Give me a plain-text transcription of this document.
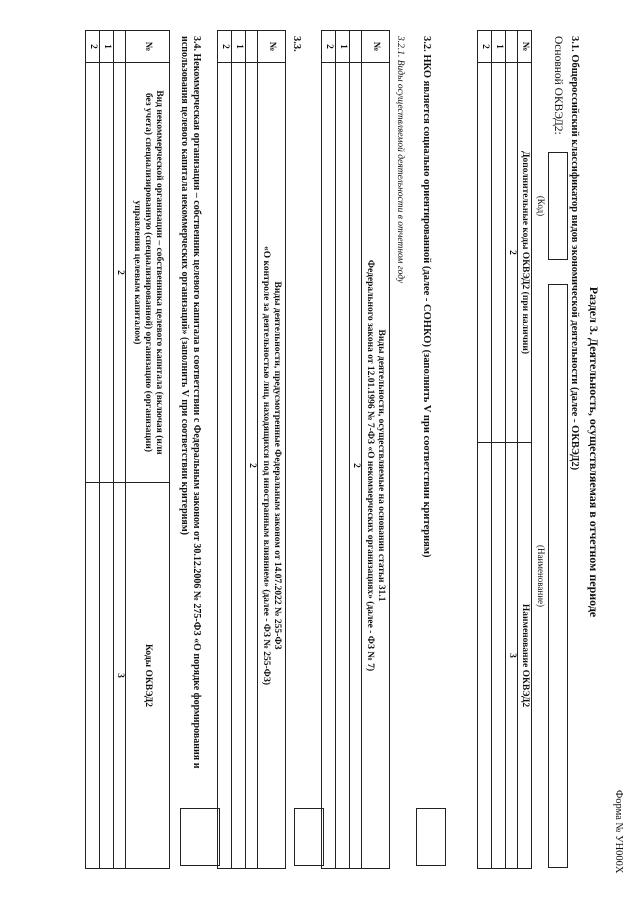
Форма № УН000Х
Раздел 3. Деятельность, осуществляемая в отчетном периоде
3.1. Общероссийский классификатор видов экономической деятельности (далее - ОКВЭД2)
Основной ОКВЭД2:
(Код)
(Наименование)
№	Дополнительные коды ОКВЭД2 (при наличии)	Наименование ОКВЭД2
	2	3
1		
2		
3.2. НКО является социально ориентированной (далее - СОНКО) (заполнить V при соответствии критериям)
3.2.1. Виды осуществляемой деятельности в отчетном году
№	Виды деятельности, осуществляемые на основании статьи 31.1
Федерального закона от 12.01.1996 № 7-ФЗ «О некоммерческих организациях» (далее - ФЗ № 7)

	2
1	
2	
3.3.
№	Виды деятельности, предусмотренные Федеральным законом от 14.07.2022 № 255-ФЗ
«О контроле за деятельностью лиц, находящихся под иностранным влиянием» (далее - ФЗ № 255-ФЗ)

	2
1	
2	
3.4. Некоммерческая организация – собственник целевого капитала в соответствии с Федеральным законом от 30.12.2006 № 275-ФЗ «О порядке формирования и
использования целевого капитала некоммерческих организаций» (заполнить V при соответствии критериям)
№	Вид некоммерческой организации – собственника целевого капитала (включая (или
без учета) специализированную (специализированной) организацию (организации)
управления целевым капиталом)	Коды ОКВЭД2
	2	3
1		
2		
